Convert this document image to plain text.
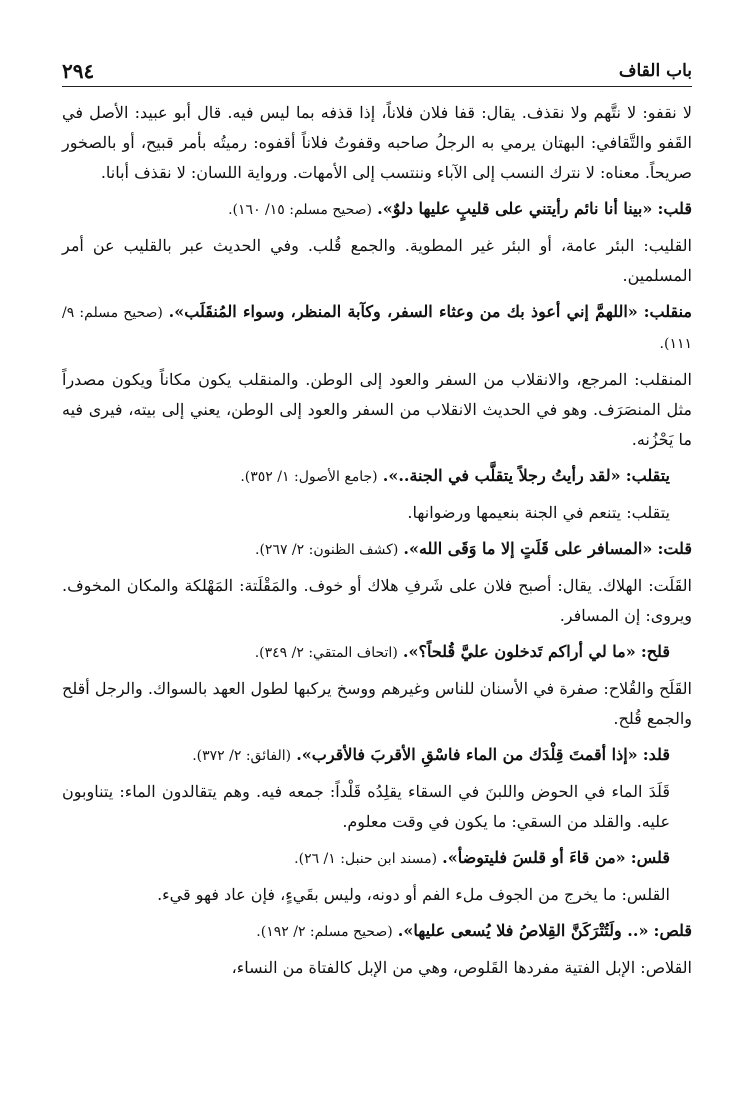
٢٩٤	باب القاف

لا نقفو: لا نتَّهم ولا نقذف. يقال: قفا فلان فلاناً، إذا قذفه بما ليس فيه. قال أبو عبيد: الأصل في القَفو والتَّقافي: البهتان يرمي به الرجلُ صاحبه وقفوتُ فلاناً أقفوه: رميتُه بأمر قبيح، أو بالصخور صريحاً. معناه: لا نترك النسب إلى الآباء وننتسب إلى الأمهات. ورواية اللسان: لا نقذف أبانا.

قلب: «بينا أنا نائم رأيتني على قليبٍ عليها دلوٌ». (صحيح مسلم: ١٥/ ١٦٠).

القليب: البئر عامة، أو البئر غير المطوية. والجمع قُلب. وفي الحديث عبر بالقليب عن أمر المسلمين.

منقلب: «اللهمَّ إني أعوذ بك من وعثاء السفر، وكآبة المنظر، وسواء المُنقَلَب». (صحيح مسلم: ٩/ ١١١).

المنقلب: المرجع، والانقلاب من السفر والعود إلى الوطن. والمنقلب يكون مكاناً ويكون مصدراً مثل المنصَرَف. وهو في الحديث الانقلاب من السفر والعود إلى الوطن، يعني إلى بيته، فيرى فيه ما يَحْزُنه.

يتقلب: «لقد رأيتُ رجلاً يتقلَّب في الجنة..». (جامع الأصول: ١/ ٣٥٢).

يتقلب: يتنعم في الجنة بنعيمها ورضوانها.

قلت: «المسافر على قَلَتٍ إلا ما وَقَى الله». (كشف الظنون: ٢/ ٢٦٧).

القَلَت: الهلاك. يقال: أصبح فلان على شَرفِ هلاك أو خوف. والمَقْلَتة: المَهْلكة والمكان المخوف. ويروى: إن المسافر.

قلح: «ما لي أراكم تَدخلون عليَّ قُلحاً؟». (اتحاف المتقي: ٢/ ٣٤٩).

القَلَح والقُلاح: صفرة في الأسنان للناس وغيرهم ووسخ يركبها لطول العهد بالسواك. والرجل أقلح والجمع قُلح.

قلد: «إذا أقمتَ قِلْدَك من الماء فاسْقِ الأقربَ فالأقرب». (الفائق: ٢/ ٣٧٢).

قَلَدَ الماء في الحوض واللبنَ في السقاء يقلِدُه قَلْداً: جمعه فيه. وهم يتقالدون الماء: يتناوبون عليه. والقلد من السقي: ما يكون في وقت معلوم.

قلس: «من قاءَ أو قلسَ فليتوضأ». (مسند ابن حنبل: ١/ ٢٦).

القلس: ما يخرج من الجوف ملء الفم أو دونه، وليس بقَيءٍ، فإن عاد فهو قيء.

قلص: «.. ولَتُتْرَكَنَّ القِلاصُ فلا يُسعى عليها». (صحيح مسلم: ٢/ ١٩٢).

القلاص: الإبل الفتية مفردها القَلوص، وهي من الإبل كالفتاة من النساء،
